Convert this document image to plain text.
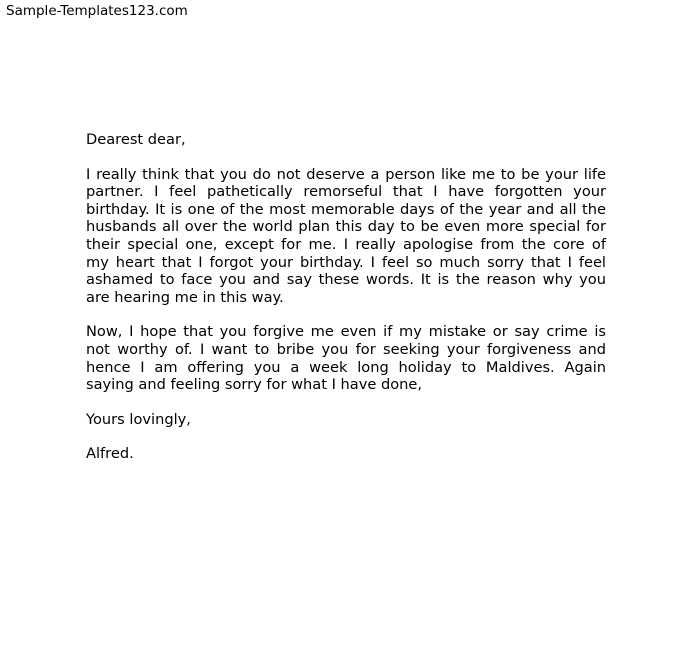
Sample-Templates123.com
Dearest dear,
I really think that you do not deserve a person like me to be your life
partner. I feel pathetically remorseful that I have forgotten your
birthday. It is one of the most memorable days of the year and all the
husbands all over the world plan this day to be even more special for
their special one, except for me. I really apologise from the core of
my heart that I forgot your birthday. I feel so much sorry that I feel
ashamed to face you and say these words. It is the reason why you
are hearing me in this way.
Now, I hope that you forgive me even if my mistake or say crime is
not worthy of. I want to bribe you for seeking your forgiveness and
hence I am offering you a week long holiday to Maldives. Again
saying and feeling sorry for what I have done,
Yours lovingly,
Alfred.
